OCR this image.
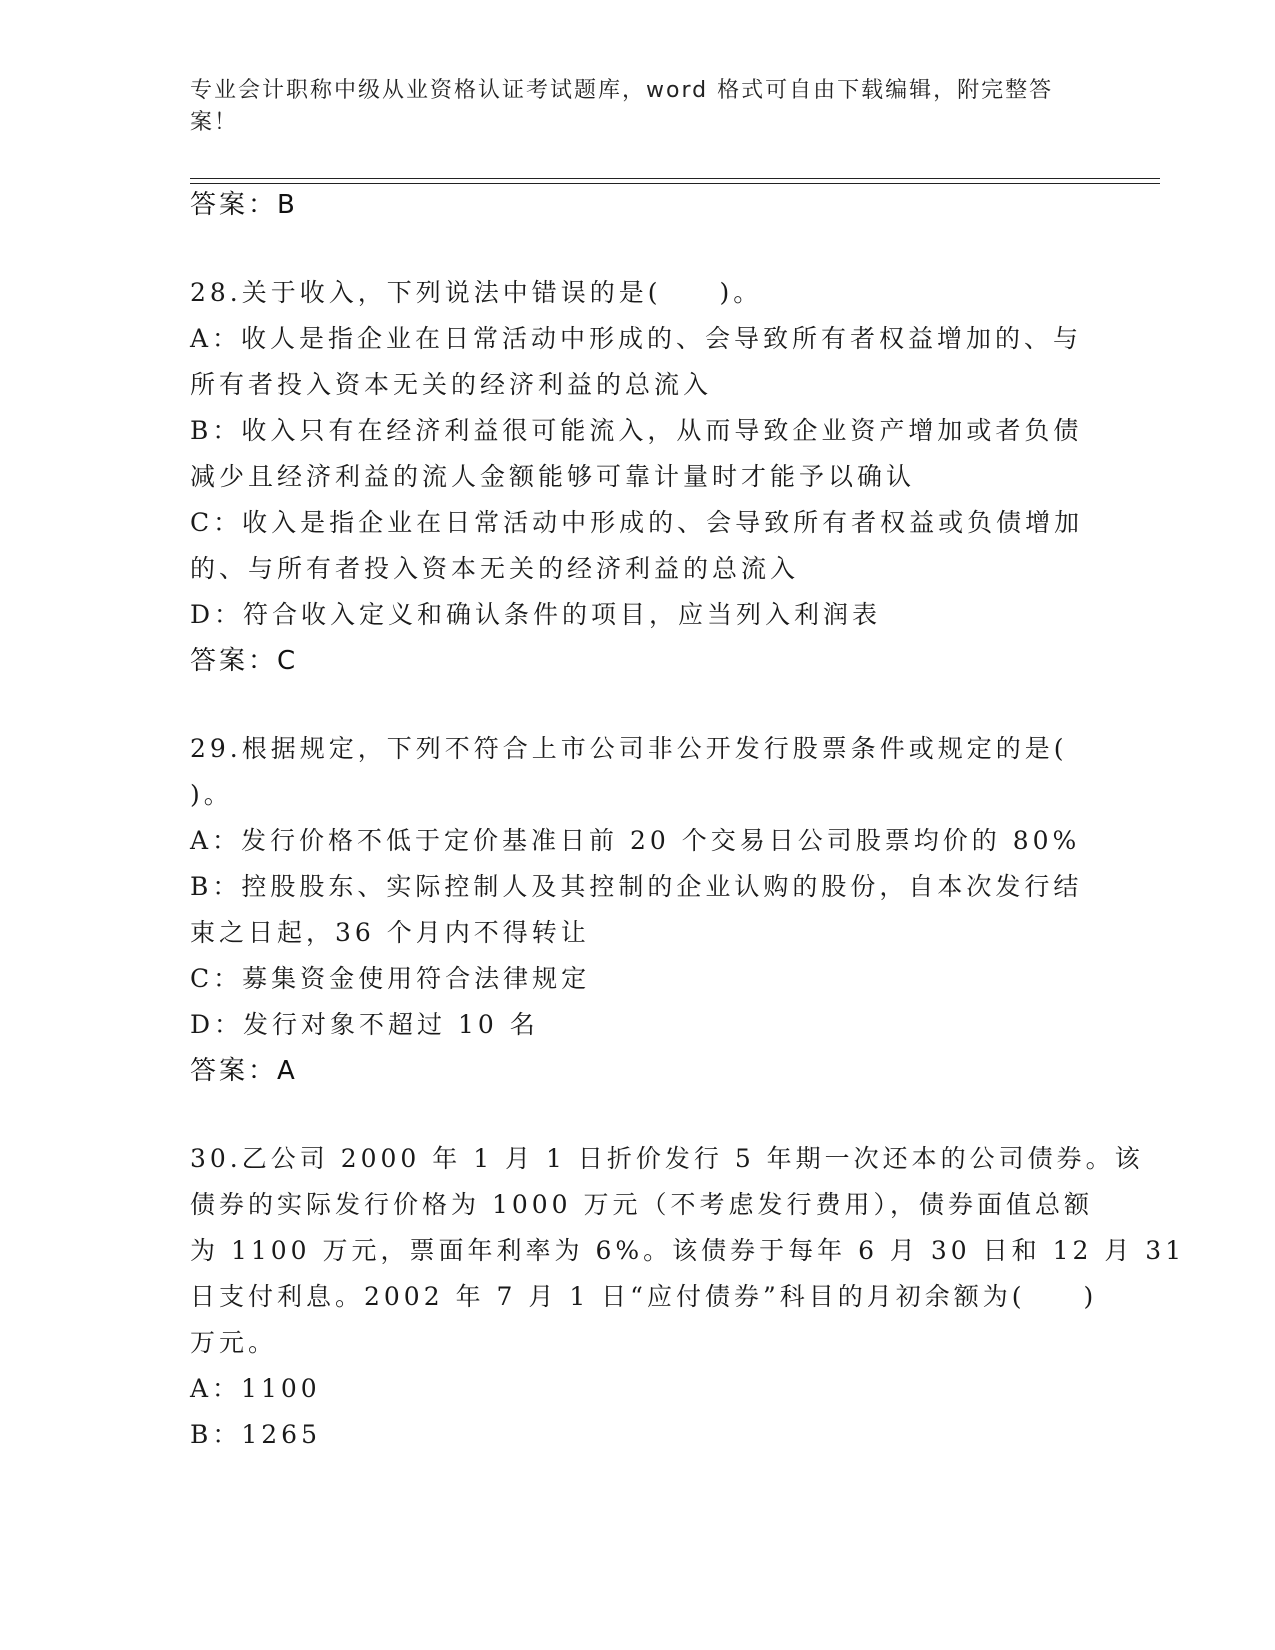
专业会计职称中级从业资格认证考试题库，word 格式可自由下载编辑，附完整答
案！
答案：B
28.关于收入，下列说法中错误的是(　　)。
A：收人是指企业在日常活动中形成的、会导致所有者权益增加的、与
所有者投入资本无关的经济利益的总流入
B：收入只有在经济利益很可能流入，从而导致企业资产增加或者负债
减少且经济利益的流人金额能够可靠计量时才能予以确认
C：收入是指企业在日常活动中形成的、会导致所有者权益或负债增加
的、与所有者投入资本无关的经济利益的总流入
D：符合收入定义和确认条件的项目，应当列入利润表
答案：C
29.根据规定，下列不符合上市公司非公开发行股票条件或规定的是(
)。
A：发行价格不低于定价基准日前 20 个交易日公司股票均价的 80%
B：控股股东、实际控制人及其控制的企业认购的股份，自本次发行结
束之日起，36 个月内不得转让
C：募集资金使用符合法律规定
D：发行对象不超过 10 名
答案：A
30.乙公司 2000 年 1 月 1 日折价发行 5 年期一次还本的公司债券。该
债券的实际发行价格为 1000 万元（不考虑发行费用），债券面值总额
为 1100 万元，票面年利率为 6%。该债券于每年 6 月 30 日和 12 月 31
日支付利息。2002 年 7 月 1 日“应付债券”科目的月初余额为(　　)
万元。
A：1100
B：1265
